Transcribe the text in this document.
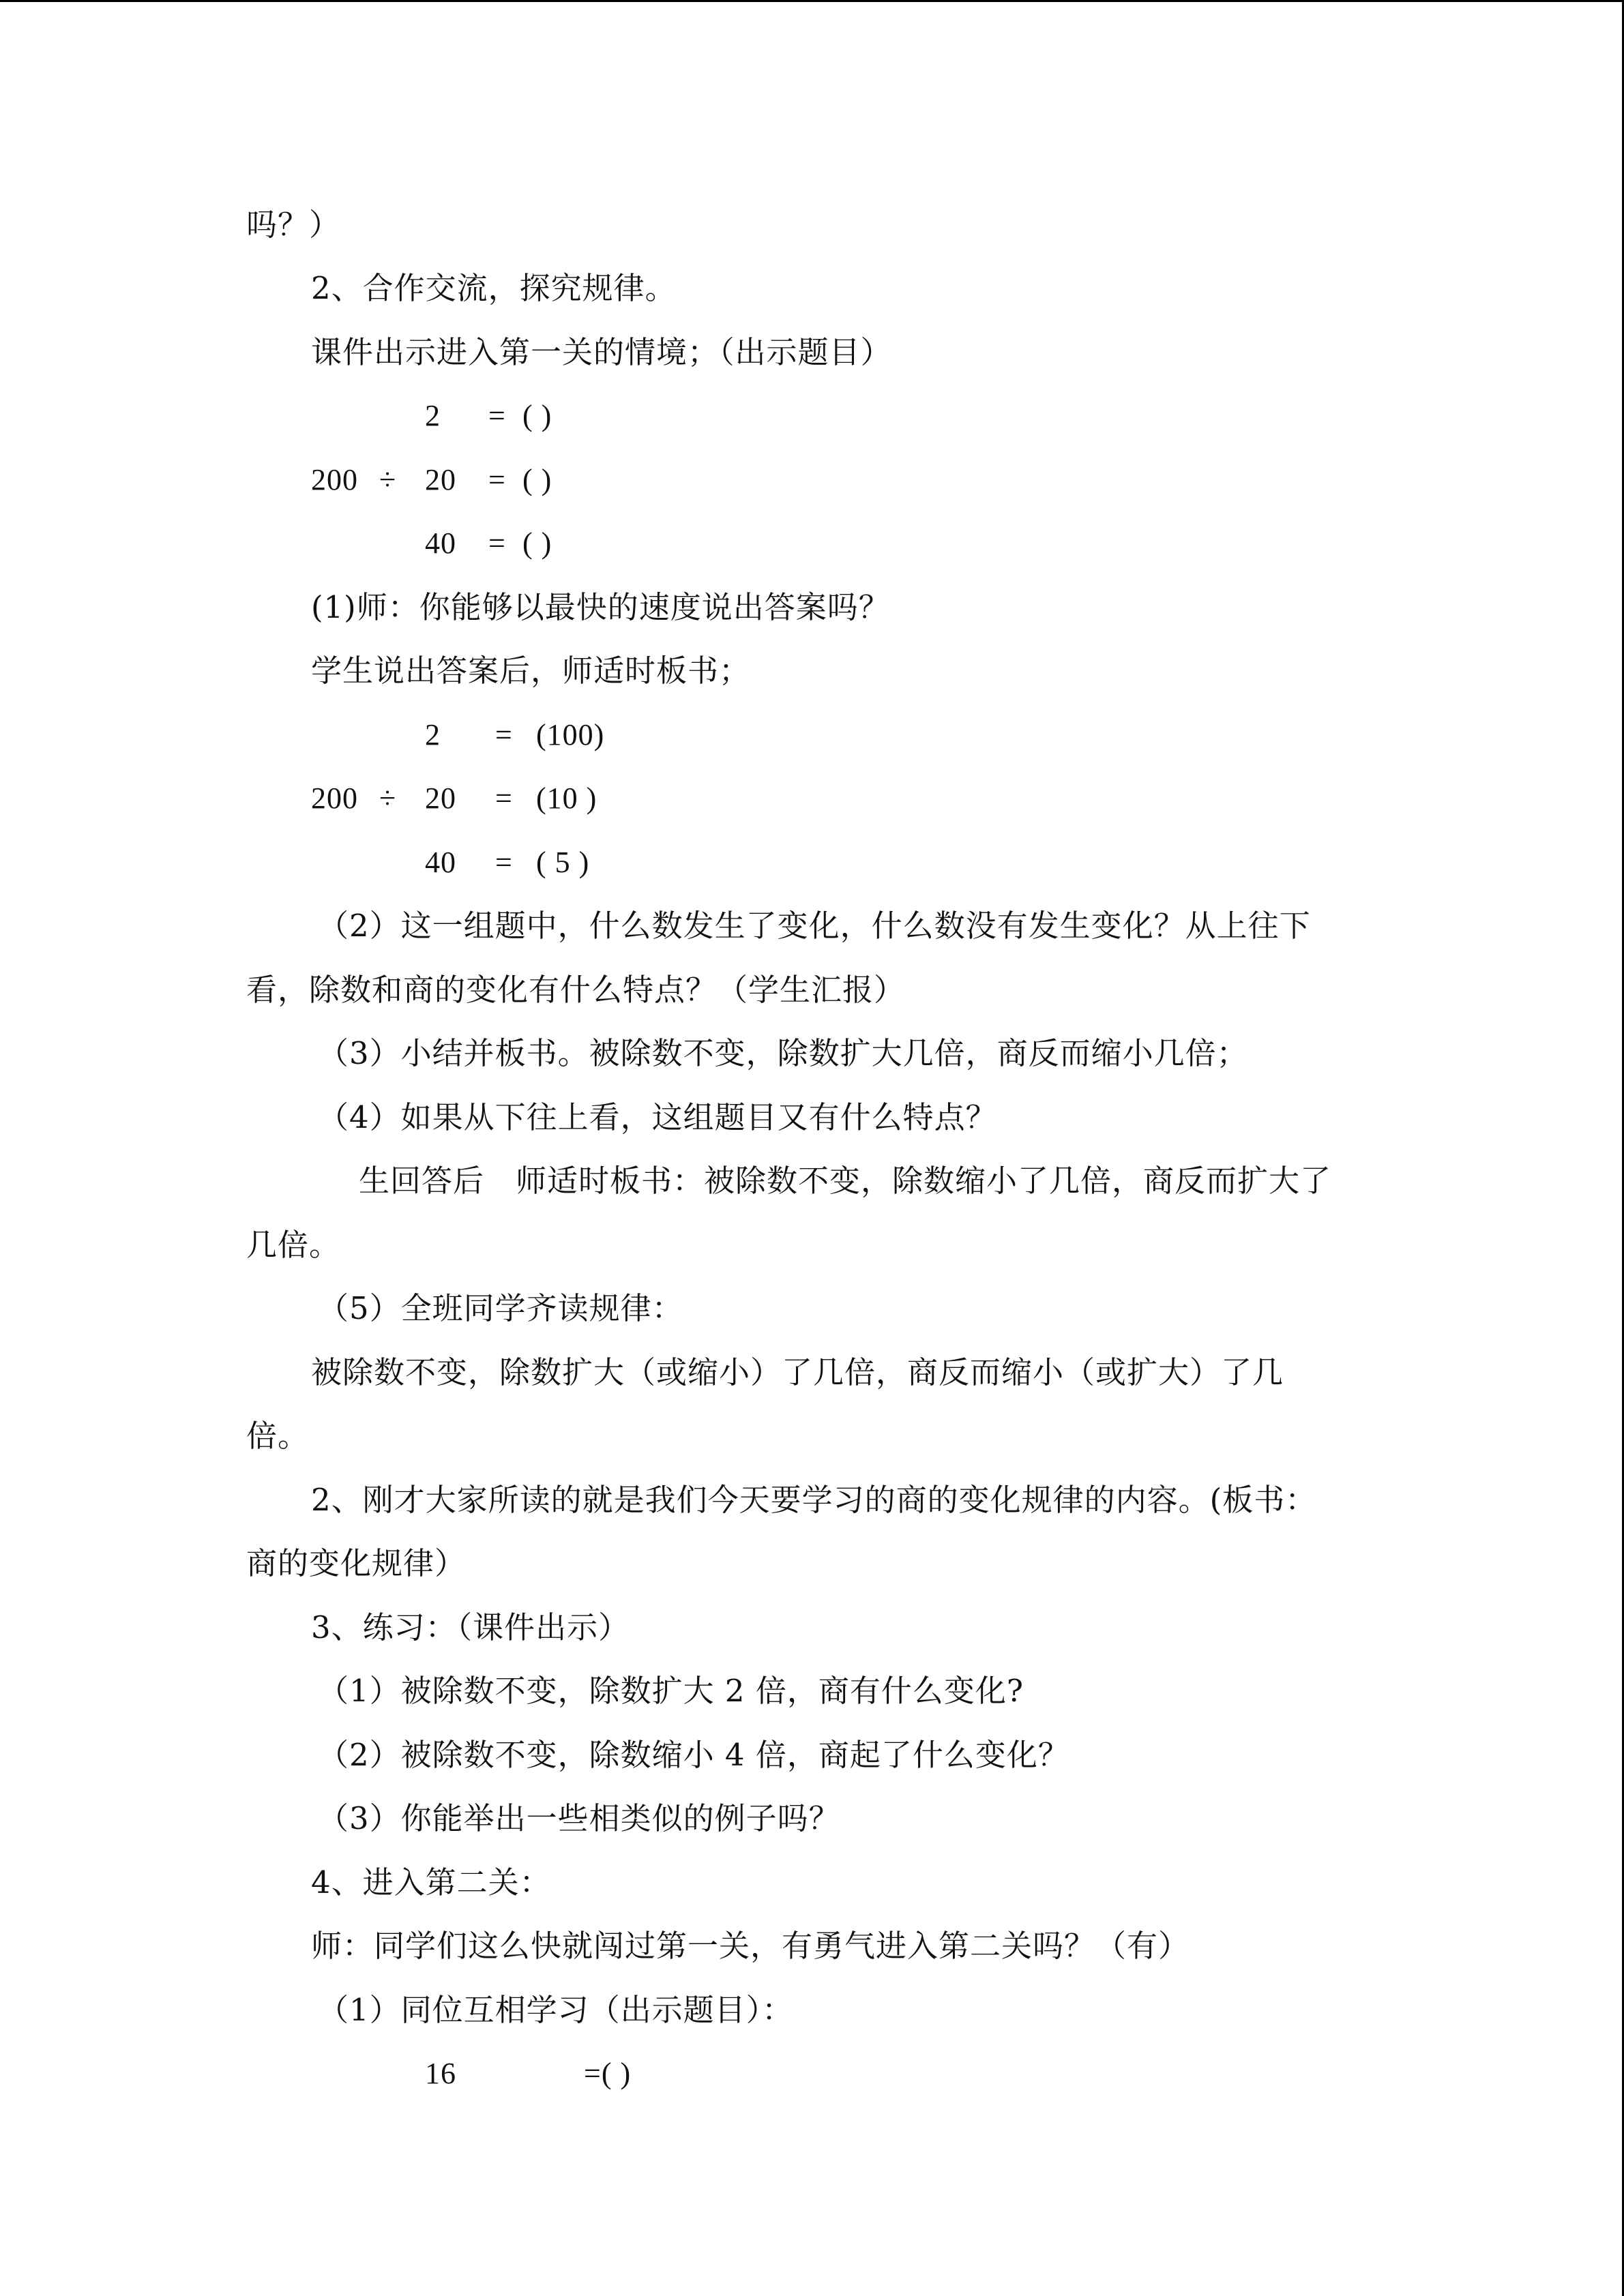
吗？）
2、合作交流，探究规律。
课件出示进入第一关的情境；（出示题目）
2 = ( )
200 ÷ 20 = ( )
40 = ( )
(1)师：你能够以最快的速度说出答案吗？
学生说出答案后，师适时板书；
2 = (100)
200 ÷ 20 = (10 )
40 = ( 5 )
（2）这一组题中，什么数发生了变化，什么数没有发生变化？从上往下
看，除数和商的变化有什么特点？（学生汇报）
（3）小结并板书。被除数不变，除数扩大几倍，商反而缩小几倍；
（4）如果从下往上看，这组题目又有什么特点？
生回答后　师适时板书：被除数不变，除数缩小了几倍，商反而扩大了
几倍。
（5）全班同学齐读规律：
被除数不变，除数扩大（或缩小）了几倍，商反而缩小（或扩大）了几
倍。
2、刚才大家所读的就是我们今天要学习的商的变化规律的内容。(板书：
商的变化规律）
3、练习：（课件出示）
（1）被除数不变，除数扩大 2 倍，商有什么变化?
（2）被除数不变，除数缩小 4 倍，商起了什么变化？
（3）你能举出一些相类似的例子吗？
4、进入第二关：
师：同学们这么快就闯过第一关，有勇气进入第二关吗？（有）
（1）同位互相学习（出示题目）：
16	=( )
